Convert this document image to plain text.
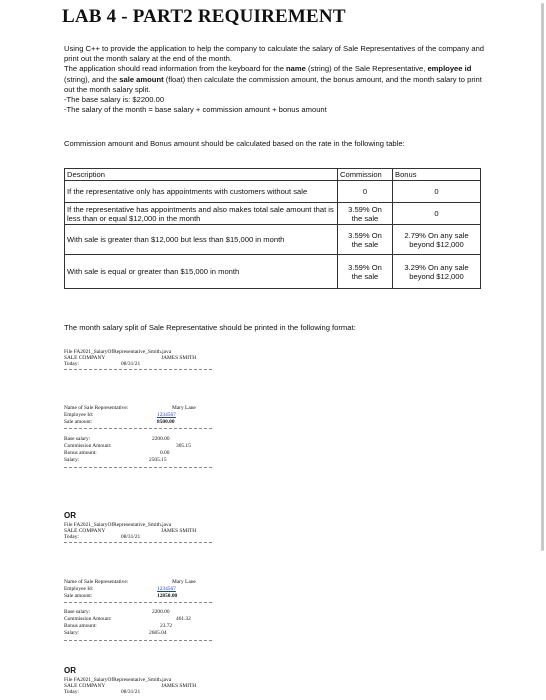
LAB 4 - PART2 REQUIREMENT

Using C++ to provide the application to help the company to calculate the salary of Sale Representatives of the company and print out the month salary at the end of the month.

The application should read information from the keyboard for the name (string) of the Sale Representative, employee id (string), and the sale amount (float) then calculate the commission amount, the bonus amount, and the month salary to print out the month salary split.

-The base salary is: $2200.00

-The salary of the month = base salary + commission amount + bonus amount

Commission amount and Bonus amount should be calculated based on the rate in the following table:
Description	Commission	Bonus
If the representative only has appointments with customers without sale	0	0
If the representative has appointments and also makes total sale amount that is less than or equal $12,000 in the month	3.59% On the sale	0
With sale is greater than $12,000 but less than $15,000 in month	3.59% On the sale	2.79% On any sale beyond $12,000
With sale is equal or greater than $15,000 in month	3.59% On the sale	3.29% On any sale beyond $12,000
The month salary split of Sale Representative should be printed in the following format:
File FA2021_SalaryOfRepresentative_Smith.java
SALE COMPANY	JAMES SMITH
Today:	08/31/21
Name of Sale Representative:	Mary Lane
Employee Id:	1234567
Sale amount:	8500.00
Base salary:	2200.00
Commission Amount:	305.15
Bonus amount:	0.00
Salary:	2505.15
OR
File FA2021_SalaryOfRepresentative_Smith.java
SALE COMPANY	JAMES SMITH
Today:	08/31/21
Name of Sale Representative:	Mary Lane
Employee Id:	1234567
Sale amount:	12850.00
Base salary:	2200.00
Commission Amount:	461.32
Bonus amount:	23.72
Salary:	2685.04
OR
File FA2021_SalaryOfRepresentative_Smith.java
SALE COMPANY	JAMES SMITH
Today:	08/31/21
